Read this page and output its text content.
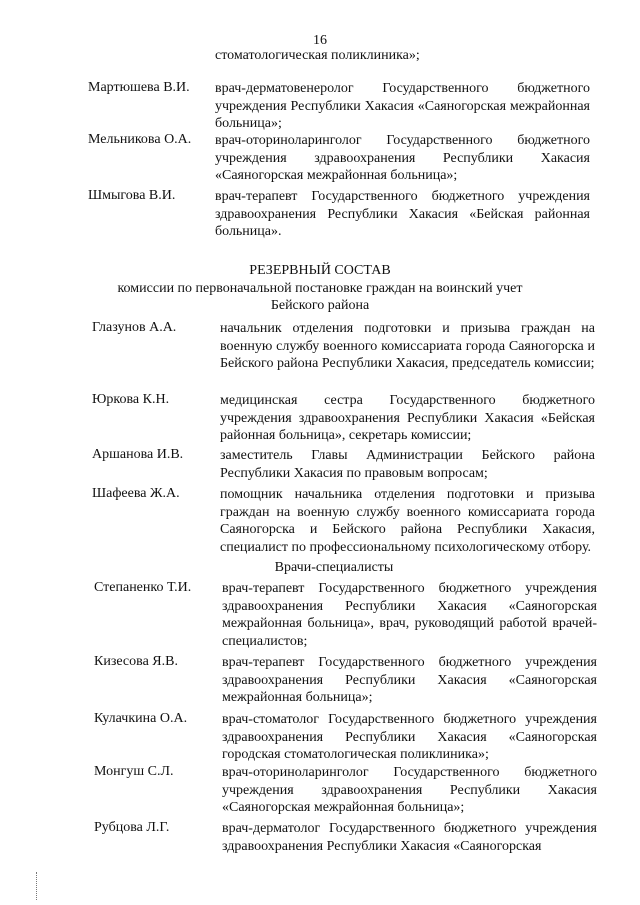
16
стоматологическая поликлиника»;
Мартюшева В.И. врач-дерматовенеролог Государственного бюджетного учреждения Республики Хакасия «Саяногорская межрайонная больница»;
Мельникова О.А. врач-оториноларинголог Государственного бюджетного учреждения здравоохранения Республики Хакасия «Саяногорская межрайонная больница»;
Шмыгова В.И.	врач-терапевт Государственного бюджетного учреждения здравоохранения Республики Хакасия «Бейская районная больница».
РЕЗЕРВНЫЙ СОСТАВ
комиссии по первоначальной постановке граждан на воинский учет
Бейского района
Глазунов А.А.	начальник отделения подготовки и призыва граждан на военную службу военного комиссариата города Саяногорска и Бейского района Республики Хакасия, председатель комиссии;
Юркова К.Н.	медицинская сестра Государственного бюджетного учреждения здравоохранения Республики Хакасия «Бейская районная больница», секретарь комиссии;
Аршанова И.В.	заместитель Главы Администрации Бейского района Республики Хакасия по правовым вопросам;
Шафеева Ж.А.	помощник начальника отделения подготовки и призыва граждан на военную службу военного комиссариата города Саяногорска и Бейского района Республики Хакасия, специалист по профессиональному психологическому отбору.
Врачи-специалисты
Степаненко Т.И. врач-терапевт Государственного бюджетного учреждения здравоохранения Республики Хакасия «Саяногорская межрайонная больница», врач, руководящий работой врачей-специалистов;
Кизесова Я.В.	врач-терапевт Государственного бюджетного учреждения здравоохранения Республики Хакасия «Саяногорская межрайонная больница»;
Кулачкина О.А. врач-стоматолог Государственного бюджетного учреждения здравоохранения Республики Хакасия «Саяногорская городская стоматологическая поликлиника»;
Монгуш С.Л.	врач-оториноларинголог Государственного бюджетного учреждения здравоохранения Республики Хакасия «Саяногорская межрайонная больница»;
Рубцова Л.Г.	врач-дерматолог Государственного бюджетного учреждения здравоохранения Республики Хакасия «Саяногорская
